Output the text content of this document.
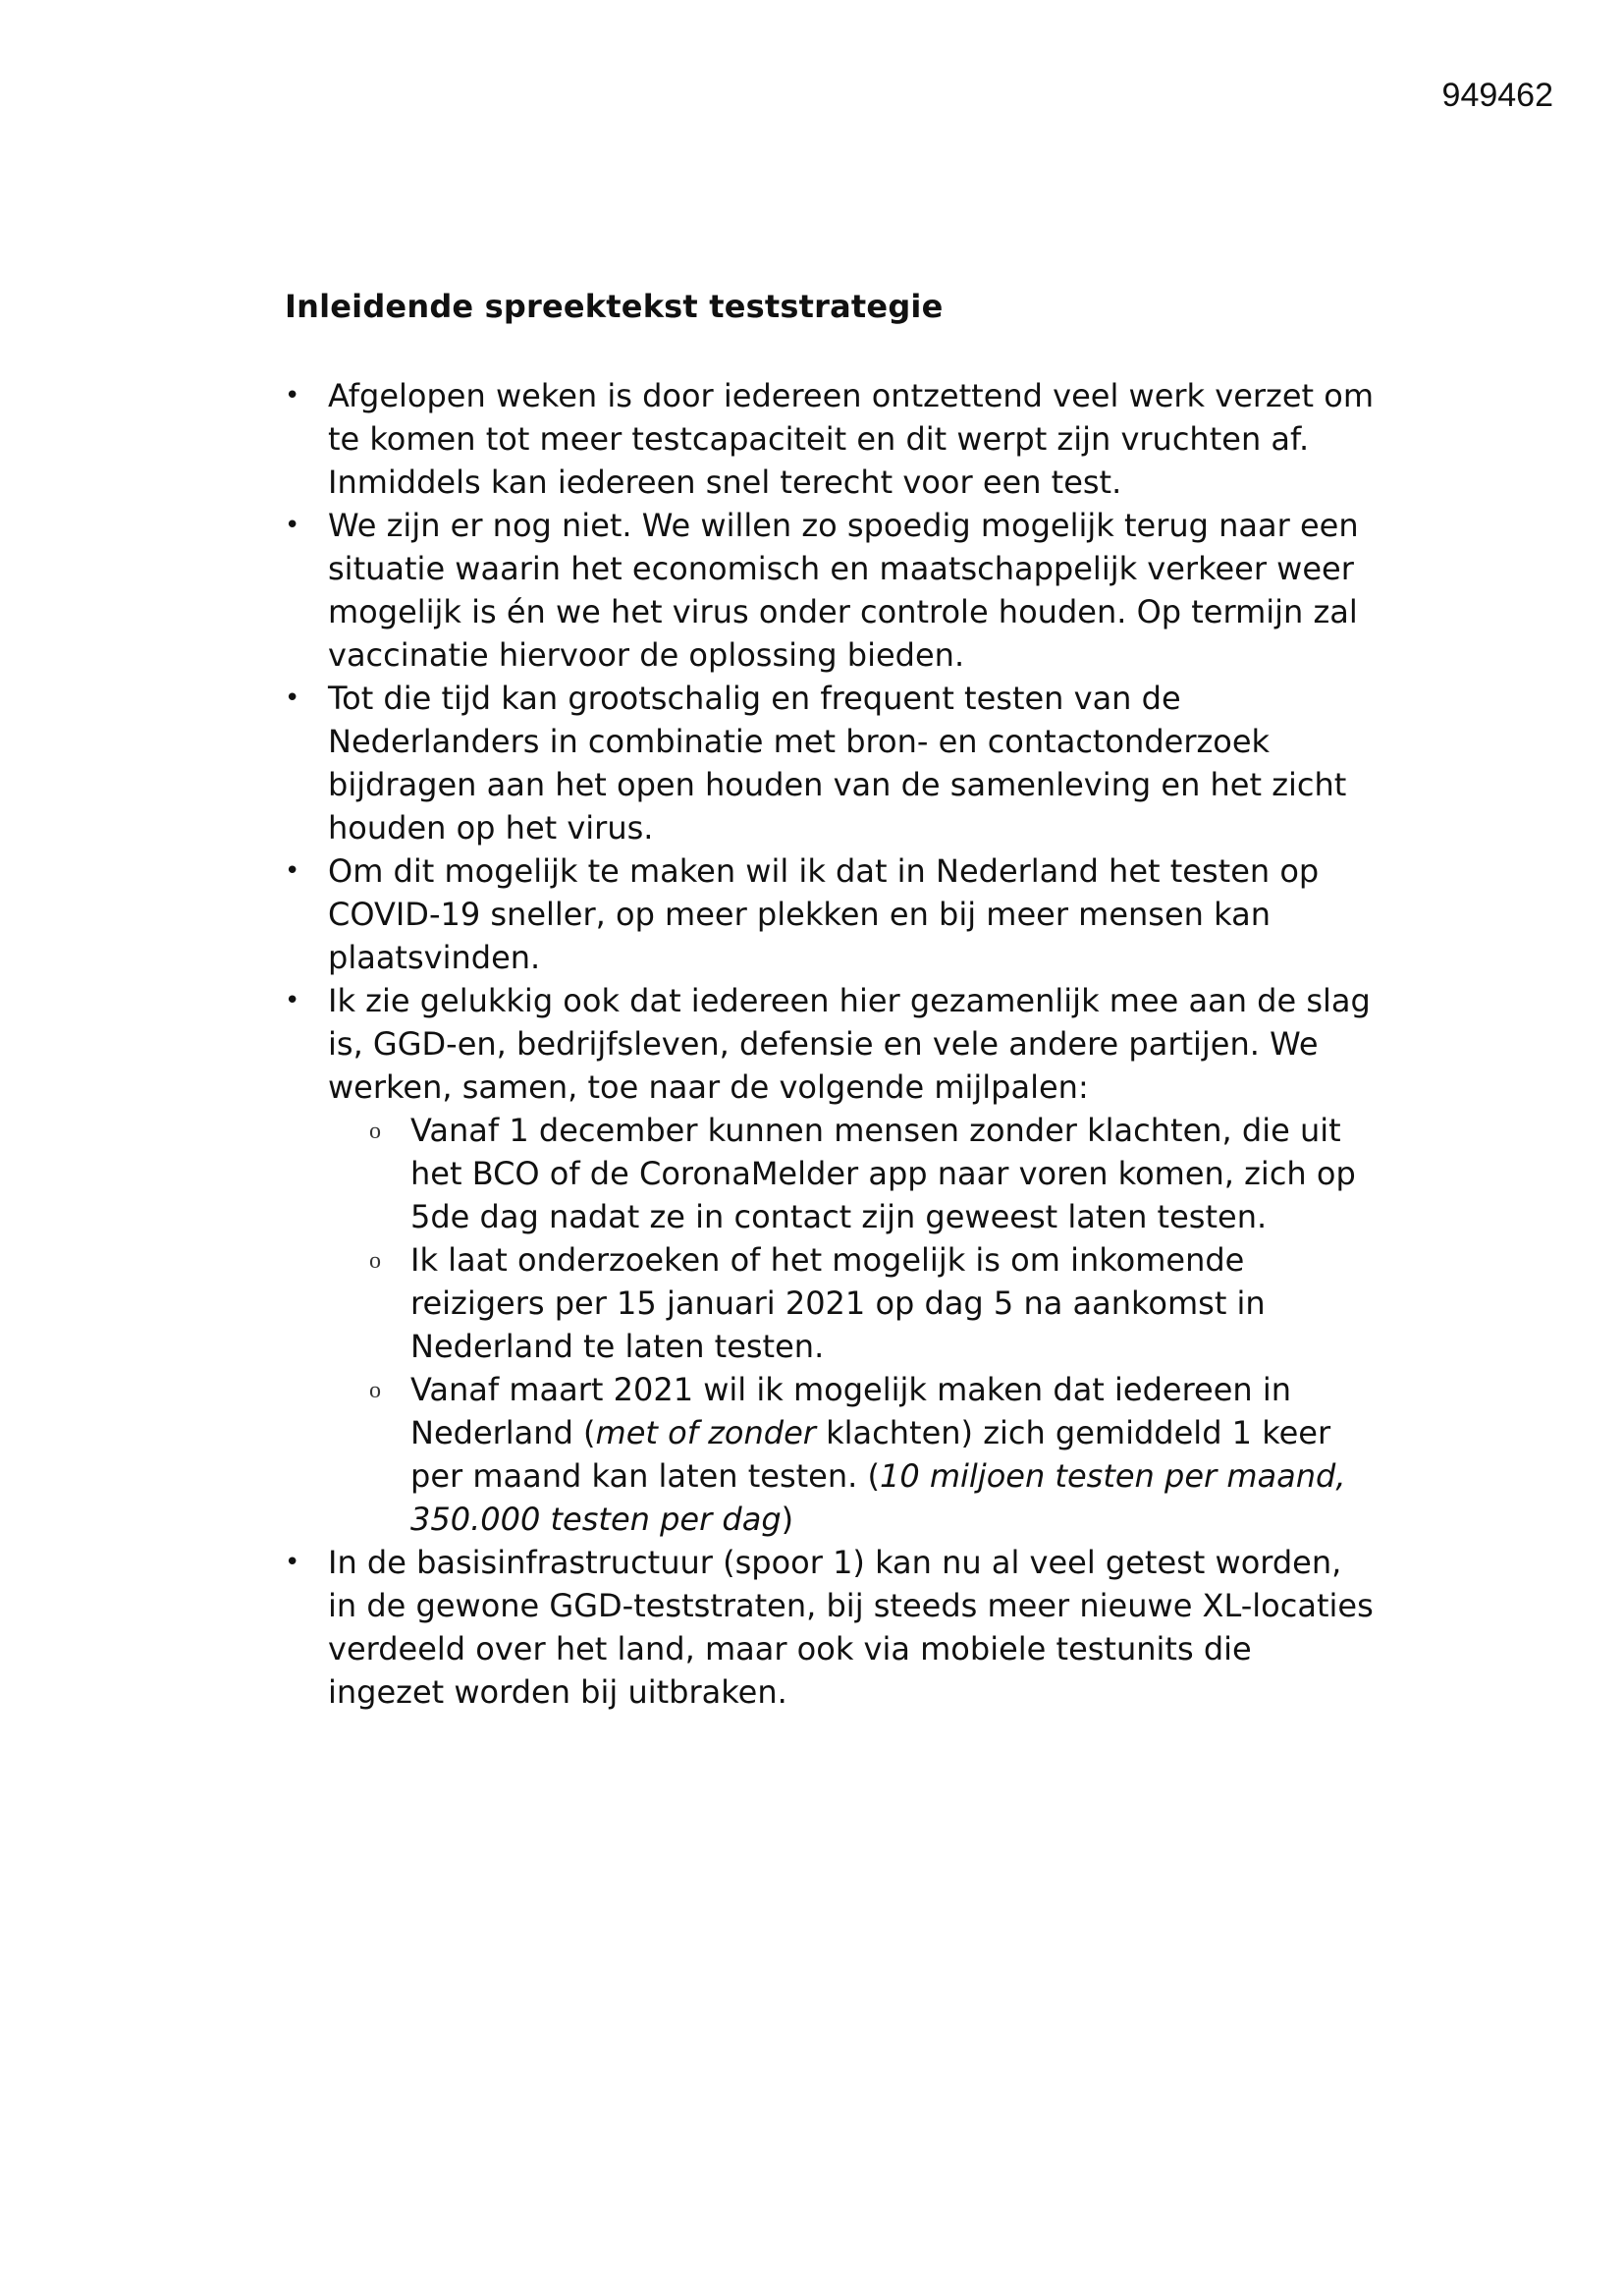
949462
Inleidende spreektekst teststrategie
• Afgelopen weken is door iedereen ontzettend veel werk verzet om te komen tot meer testcapaciteit en dit werpt zijn vruchten af. Inmiddels kan iedereen snel terecht voor een test.
• We zijn er nog niet. We willen zo spoedig mogelijk terug naar een situatie waarin het economisch en maatschappelijk verkeer weer mogelijk is én we het virus onder controle houden. Op termijn zal vaccinatie hiervoor de oplossing bieden.
• Tot die tijd kan grootschalig en frequent testen van de Nederlanders in combinatie met bron- en contactonderzoek bijdragen aan het open houden van de samenleving en het zicht houden op het virus.
• Om dit mogelijk te maken wil ik dat in Nederland het testen op COVID-19 sneller, op meer plekken en bij meer mensen kan plaatsvinden.
• Ik zie gelukkig ook dat iedereen hier gezamenlijk mee aan de slag is, GGD-en, bedrijfsleven, defensie en vele andere partijen. We werken, samen, toe naar de volgende mijlpalen:
o Vanaf 1 december kunnen mensen zonder klachten, die uit het BCO of de CoronaMelder app naar voren komen, zich op 5de dag nadat ze in contact zijn geweest laten testen.
o Ik laat onderzoeken of het mogelijk is om inkomende reizigers per 15 januari 2021 op dag 5 na aankomst in Nederland te laten testen.
o Vanaf maart 2021 wil ik mogelijk maken dat iedereen in Nederland (met of zonder klachten) zich gemiddeld 1 keer per maand kan laten testen. (10 miljoen testen per maand, 350.000 testen per dag)
• In de basisinfrastructuur (spoor 1) kan nu al veel getest worden, in de gewone GGD-teststraten, bij steeds meer nieuwe XL-locaties verdeeld over het land, maar ook via mobiele testunits die ingezet worden bij uitbraken.
